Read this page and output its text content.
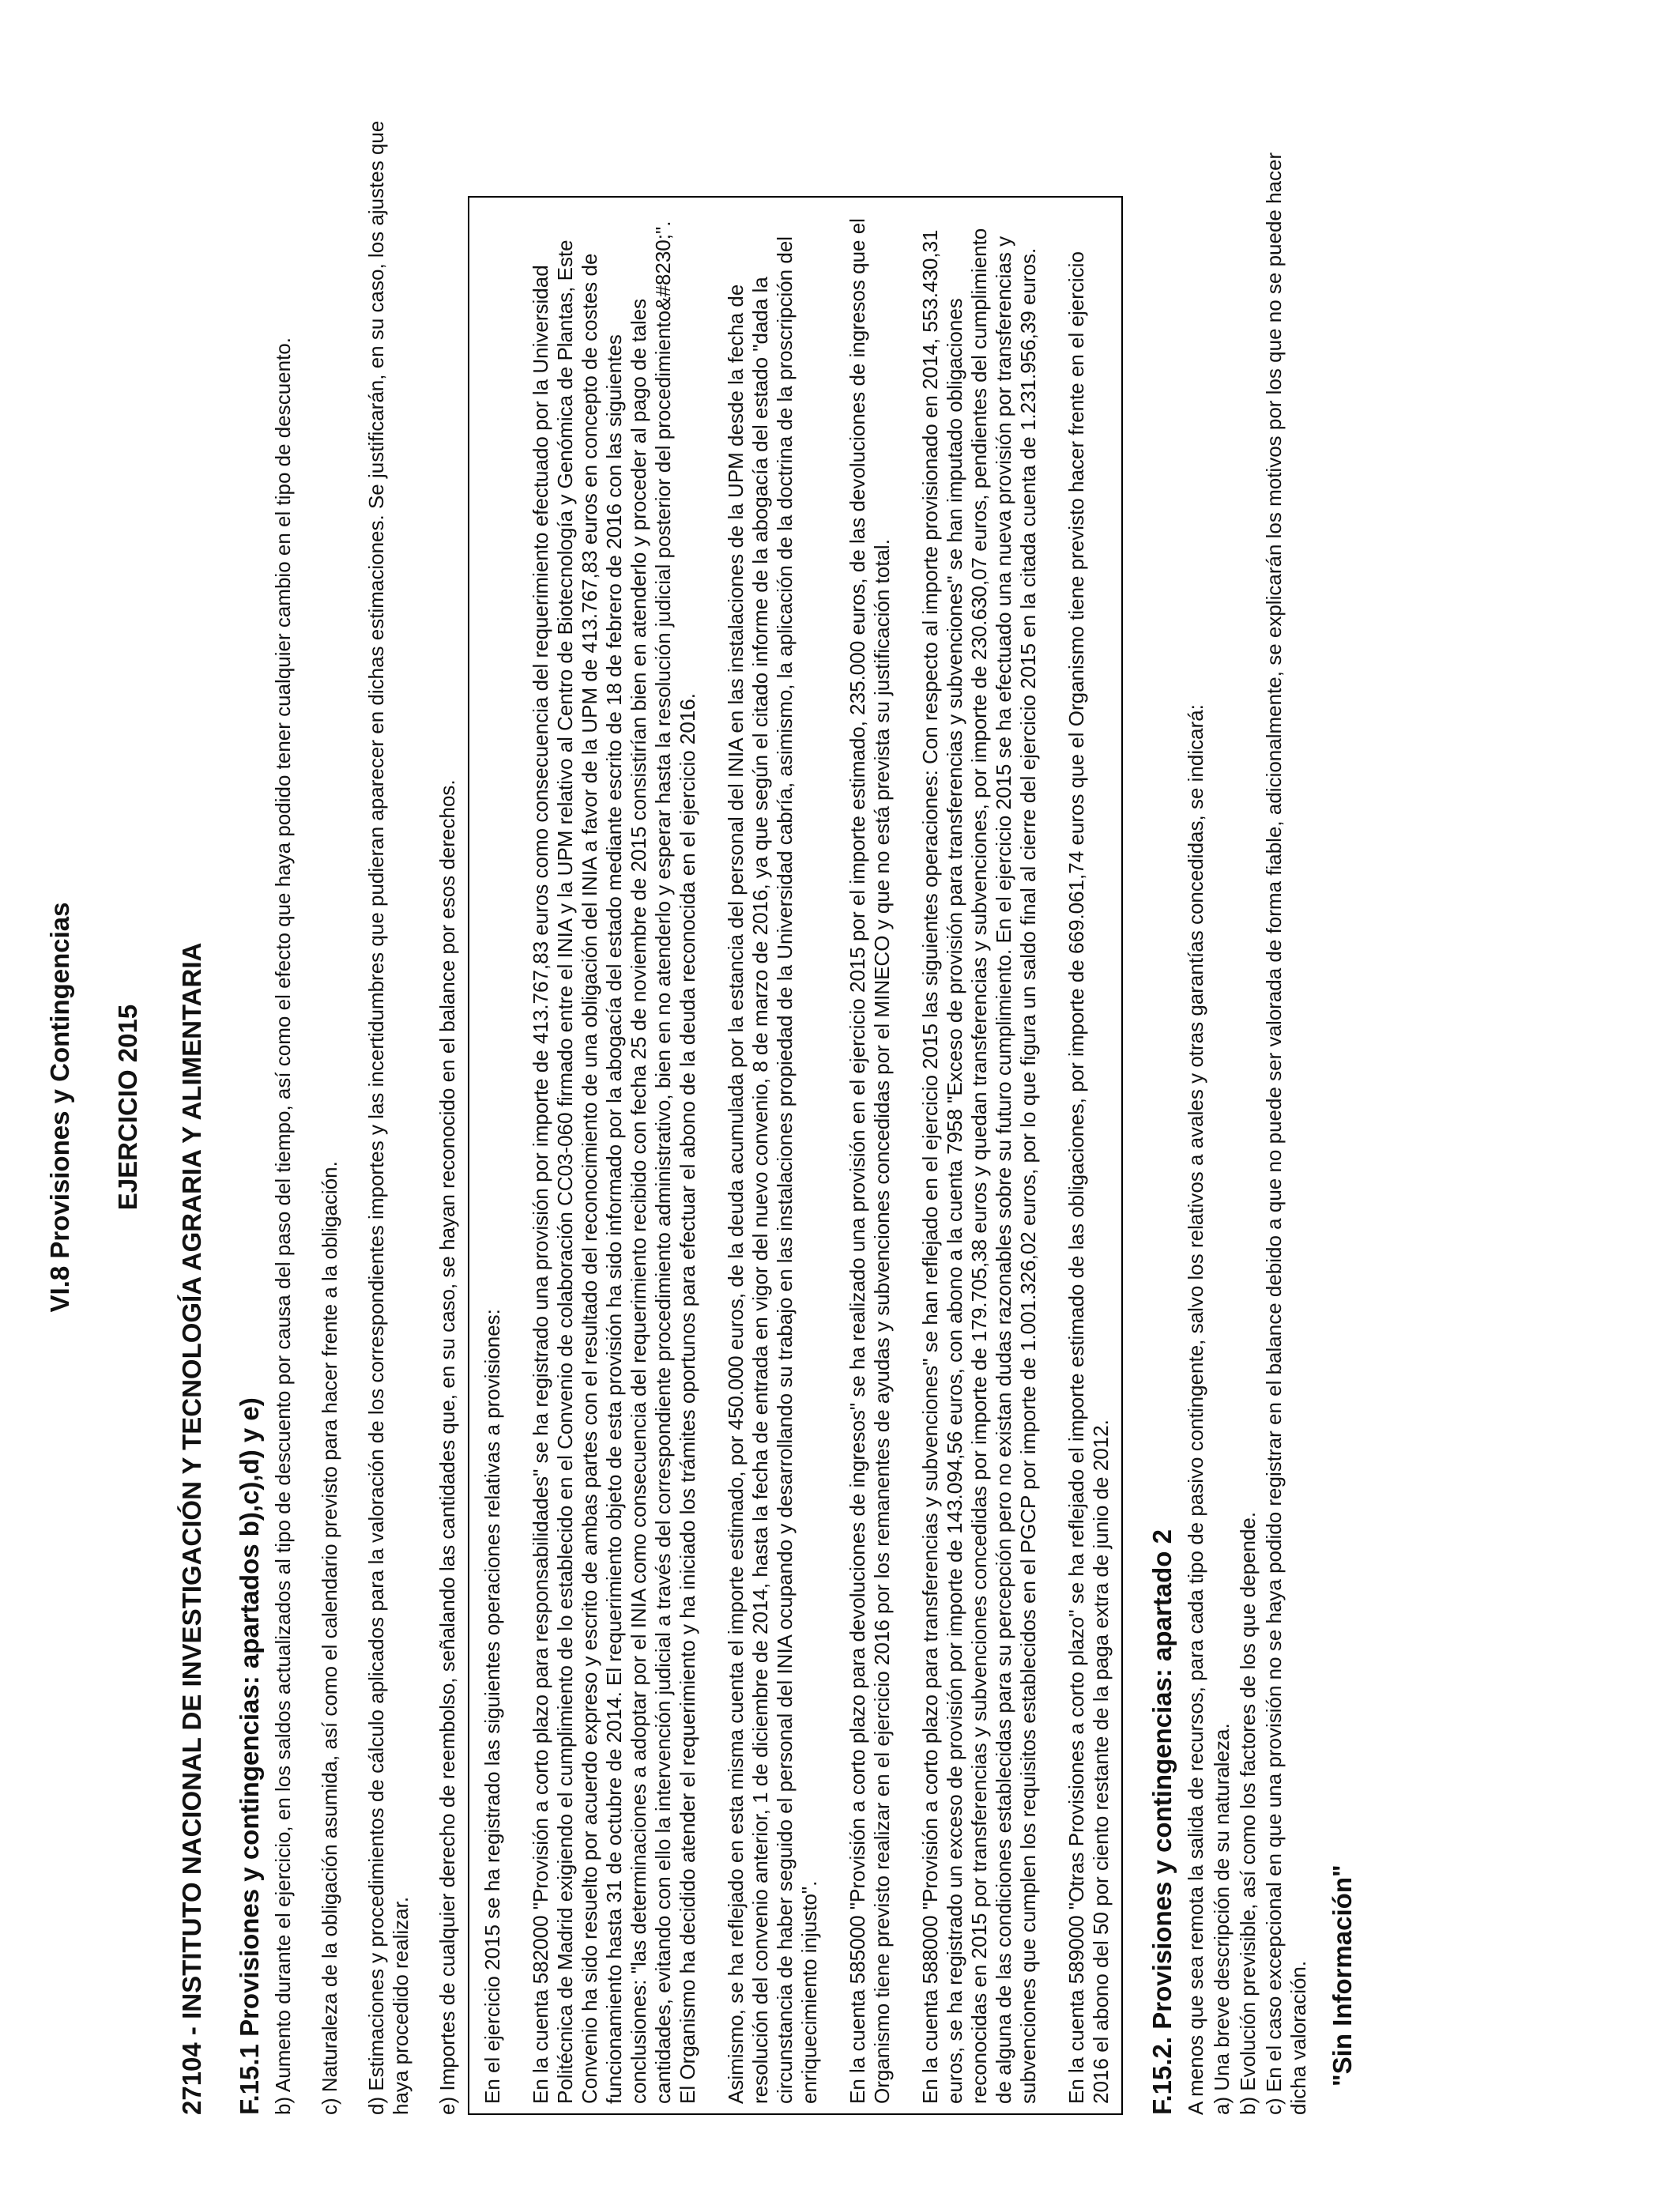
VI.8 Provisiones y Contingencias EJERCICIO 2015 27104 - INSTITUTO NACIONAL DE INVESTIGACIÓN Y TECNOLOGÍA AGRARIA Y ALIMENTARIA F.15.1 Provisiones y contingencias: apartados b),c),d) y e) b) Aumento durante el ejercicio, en los saldos actualizados al tipo de descuento por causa del paso del tiempo, así como el efecto que haya podido tener cualquier cambio en el tipo de descuento. c) Naturaleza de la obligación asumida, así como el calendario previsto para hacer frente a la obligación. d) Estimaciones y procedimientos de cálculo aplicados para la valoración de los correspondientes importes y las incertidumbres que pudieran aparecer en dichas estimaciones. Se justificarán, en su caso, los ajustes que haya procedido realizar. e) Importes de cualquier derecho de reembolso, señalando las cantidades que, en su caso, se hayan reconocido en el balance por esos derechos. En el ejercicio 2015 se ha registrado las siguientes operaciones relativas a provisiones: En la cuenta 582000 "Provisión a corto plazo para responsabilidades" se ha registrado una provisión por importe de 413.767,83 euros como consecuencia del requerimiento efectuado por la Universidad Politécnica de Madrid exigiendo el cumplimiento de lo establecido en el Convenio de colaboración CC03-060 firmado entre el INIA y la UPM relativo al Centro de Biotecnología y Genómica de Plantas, Este Convenio ha sido resuelto por acuerdo expreso y escrito de ambas partes con el resultado del reconocimiento de una obligación del INIA a favor de la UPM de 413.767,83 euros en concepto de costes de funcionamiento hasta 31 de octubre de 2014. El requerimiento objeto de esta provisión ha sido informado por la abogacía del estado mediante escrito de 18 de febrero de 2016 con las siguientes conclusiones: "las determinaciones a adoptar por el INIA como consecuencia del requerimiento recibido con fecha 25 de noviembre de 2015 consistirían bien en atenderlo y proceder al pago de tales cantidades, evitando con ello la intervención judicial a través del correspondiente procedimiento administrativo, bien en no atenderlo y esperar hasta la resolución judicial posterior del procedimiento&#8230;". El Organismo ha decidido atender el requerimiento y ha iniciado los trámites oportunos para efectuar el abono de la deuda reconocida en el ejercicio 2016. Asimismo, se ha reflejado en esta misma cuenta el importe estimado, por 450.000 euros, de la deuda acumulada por la estancia del personal del INIA en las instalaciones de la UPM desde la fecha de resolución del convenio anterior, 1 de diciembre de 2014, hasta la fecha de entrada en vigor del nuevo convenio, 8 de marzo de 2016, ya que según el citado informe de la abogacía del estado "dada la circunstancia de haber seguido el personal del INIA ocupando y desarrollando su trabajo en las instalaciones propiedad de la Universidad cabría, asimismo, la aplicación de la doctrina de la proscripción del enriquecimiento injusto". En la cuenta 585000 "Provisión a corto plazo para devoluciones de ingresos" se ha realizado una provisión en el ejercicio 2015 por el importe estimado, 235.000 euros, de las devoluciones de ingresos que el Organismo tiene previsto realizar en el ejercicio 2016 por los remanentes de ayudas y subvenciones concedidas por el MINECO y que no está prevista su justificación total. En la cuenta 588000 "Provisión a corto plazo para transferencias y subvenciones" se han reflejado en el ejercicio 2015 las siguientes operaciones: Con respecto al importe provisionado en 2014, 553.430,31 euros, se ha registrado un exceso de provisión por importe de 143.094,56 euros, con abono a la cuenta 7958 "Exceso de provisión para transferencias y subvenciones" se han imputado obligaciones reconocidas en 2015 por transferencias y subvenciones concedidas por importe de 179.705,38 euros y quedan transferencias y subvenciones, por importe de 230.630,07 euros, pendientes del cumplimiento de alguna de las condiciones establecidas para su percepción pero no existan dudas razonables sobre su futuro cumplimiento. En el ejercicio 2015 se ha efectuado una nueva provisión por transferencias y subvenciones que cumplen los requisitos establecidos en el PGCP por importe de 1.001.326,02 euros, por lo que figura un saldo final al cierre del ejercicio 2015 en la citada cuenta de 1.231.956,39 euros. En la cuenta 589000 "Otras Provisiones a corto plazo" se ha reflejado el importe estimado de las obligaciones, por importe de 669.061,74 euros que el Organismo tiene previsto hacer frente en el ejercicio 2016 el abono del 50 por ciento restante de la paga extra de junio de 2012. F.15.2. Provisiones y contingencias: apartado 2 A menos que sea remota la salida de recursos, para cada tipo de pasivo contingente, salvo los relativos a avales y otras garantías concedidas, se indicará: a) Una breve descripción de su naturaleza. b) Evolución previsible, así como los factores de los que depende. c) En el caso excepcional en que una provisión no se haya podido registrar en el balance debido a que no puede ser valorada de forma fiable, adicionalmente, se explicarán los motivos por los que no se puede hacer dicha valoración. "Sin Información"
